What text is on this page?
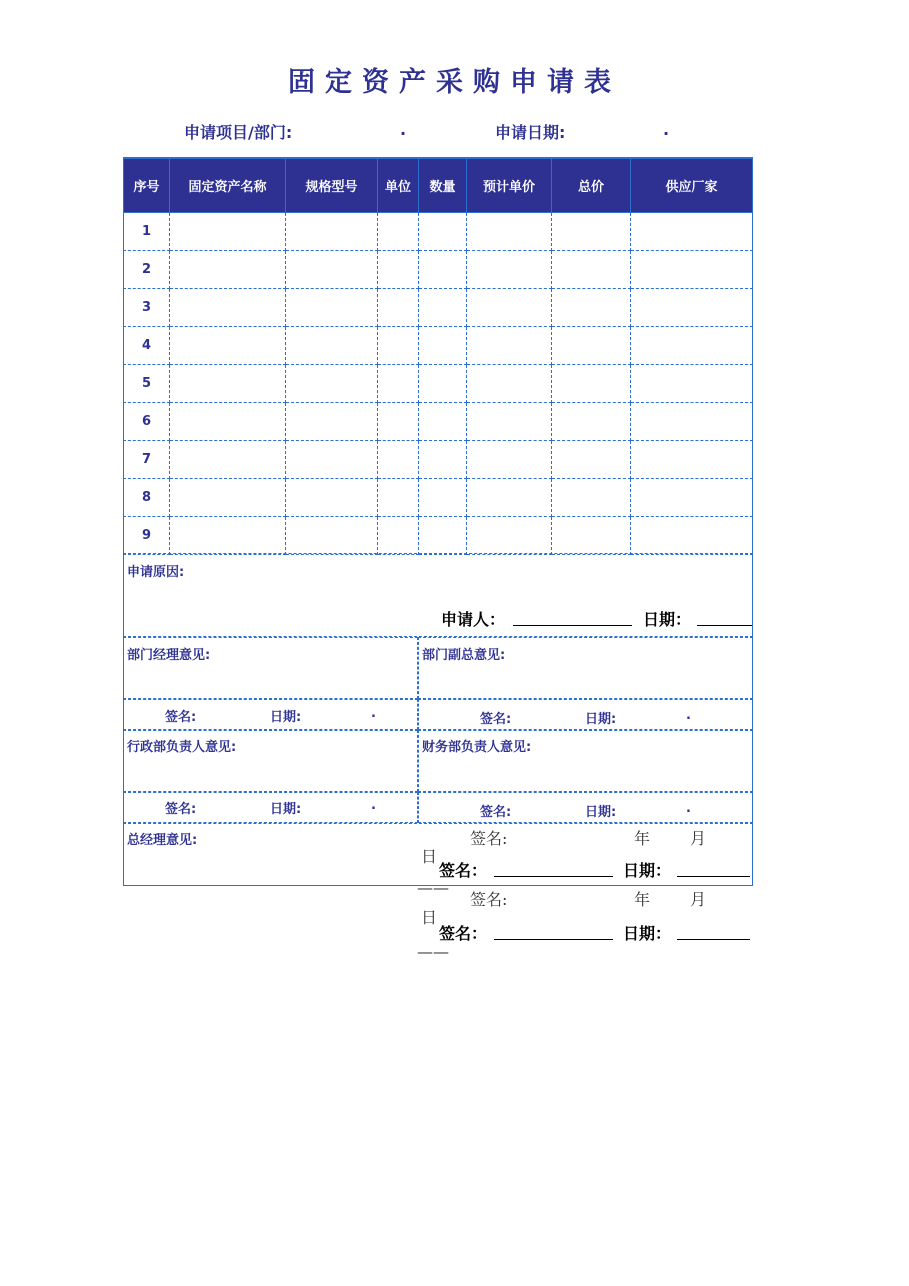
固定资产采购申请表
申请项目/部门:	.	申请日期:	.
序号	固定资产名称	规格型号	单位	数量	预计单价	总价	供应厂家
1							
2							
3							
4							
5							
6							
7							
8							
9							
申请原因:
申请人：	日期：
部门经理意见:	部门副总意见:
签名:	日期:	.	签名:	日期:	.
行政部负责人意见:	财务部负责人意见:
签名:	日期:	.	签名:	日期:	.
总经理意见:	签名:	年 月
日
签名：	日期：
——
签名:	年 月
日
签名：	日期：
——
